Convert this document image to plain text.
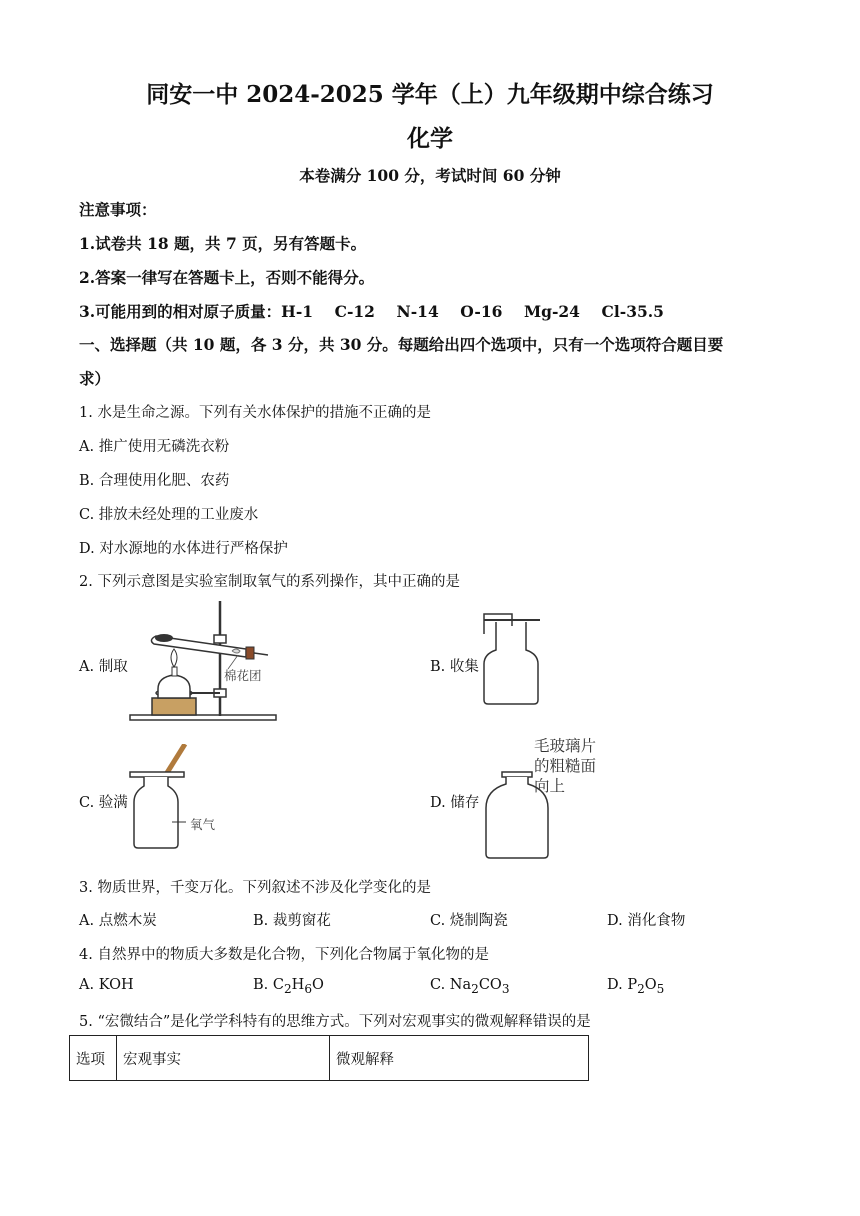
同安一中 2024-2025 学年（上）九年级期中综合练习
化学
本卷满分 100 分，考试时间 60 分钟
注意事项：
1.试卷共 18 题，共 7 页，另有答题卡。
2.答案一律写在答题卡上，否则不能得分。
3.可能用到的相对原子质量：H-1    C-12    N-14    O-16    Mg-24    Cl-35.5
一、选择题（共 10 题，各 3 分，共 30 分。每题给出四个选项中，只有一个选项符合题目要
求）
1. 水是生命之源。下列有关水体保护的措施不正确的是
A. 推广使用无磷洗衣粉
B. 合理使用化肥、农药
C. 排放未经处理的工业废水
D. 对水源地的水体进行严格保护
2. 下列示意图是实验室制取氧气的系列操作，其中正确的是
A. 制取	B. 收集
C. 验满	D. 储存
棉花团
氧气
毛玻璃片
的粗糙面
向上
3. 物质世界，千变万化。下列叙述不涉及化学变化的是
A. 点燃木炭	B. 裁剪窗花	C. 烧制陶瓷	D. 消化食物
4. 自然界中的物质大多数是化合物，下列化合物属于氧化物的是
A. KOH	B. $C_2H_6O$	C. $Na_2CO_3$	D. $P_2O_5$
5. “宏微结合”是化学学科特有的思维方式。下列对宏观事实的微观解释错误的是
选项	宏观事实	微观解释
